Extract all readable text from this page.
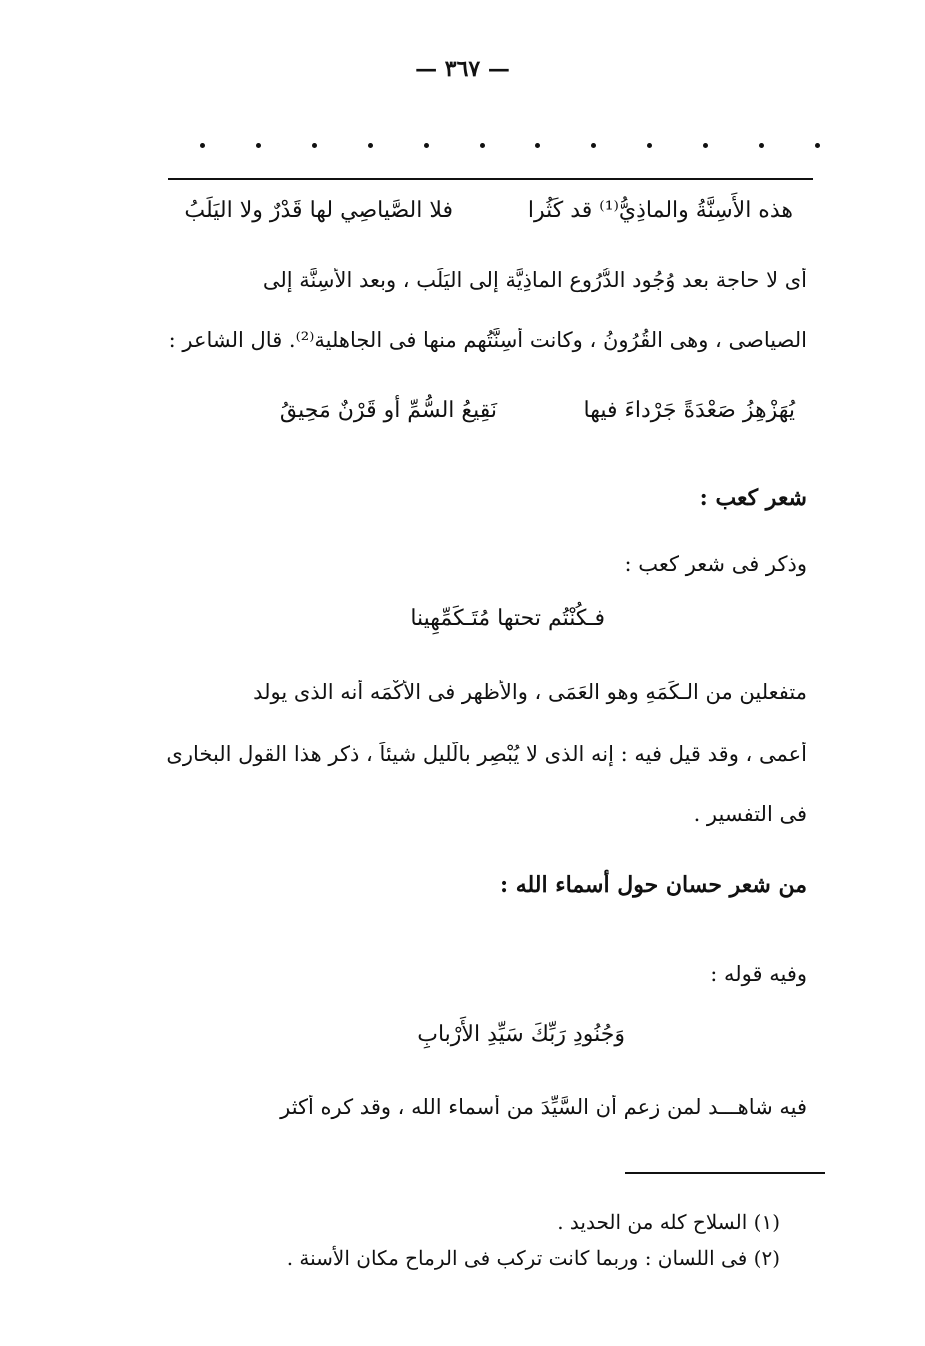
— ٣٦٧ —
هذه الأَسِنَّةُ والماذِيُّ⁽¹⁾ قد كَثُرا
فلا الصَّياصِي لها قَدْرٌ ولا اليَلَبُ
أى لا حاجة بعد وُجُود الدُّرُوع الماذِيَّة إلى اليَلَب ، وبعد الأَسِنَّة إلى
الصياصى ، وهى القُرُونُ ، وكانت أَسِنَّتُهم منها فى الجاهلية⁽²⁾. قال الشاعر :
يُهَزْهِزُ صَعْدَةً جَرْداءَ فيها
نَقِيعُ السُّمِّ أو قَرْنٌ مَحِيقُ
شعر كعب :
وذكر فى شعر كعب :
فـكُنْتُم تحتها مُتَـكَمِّهِينا
متفعلين من الـكَمَهِ وهو العَمَى ، والأظهر فى الأَكْمَه أنه الذى يولد
أعمى ، وقد قيل فيه : إنه الذى لا يُبْصِر بالَّليل شيئاً ، ذكر هذا القول البخارى
فى التفسير .
من شعر حسان حول أسماء الله :
وفيه قوله :
وَجُنُودِ رَبِّكَ سَيِّدِ الأَرْبابِ
فيه شاهـــد لمن زعم أن السَّيِّدَ من أسماء الله ، وقد كره أكثر
(١) السلاح كله من الحديد .
(٢) فى اللسان : وربما كانت تركب فى الرماح مكان الأسنة .
